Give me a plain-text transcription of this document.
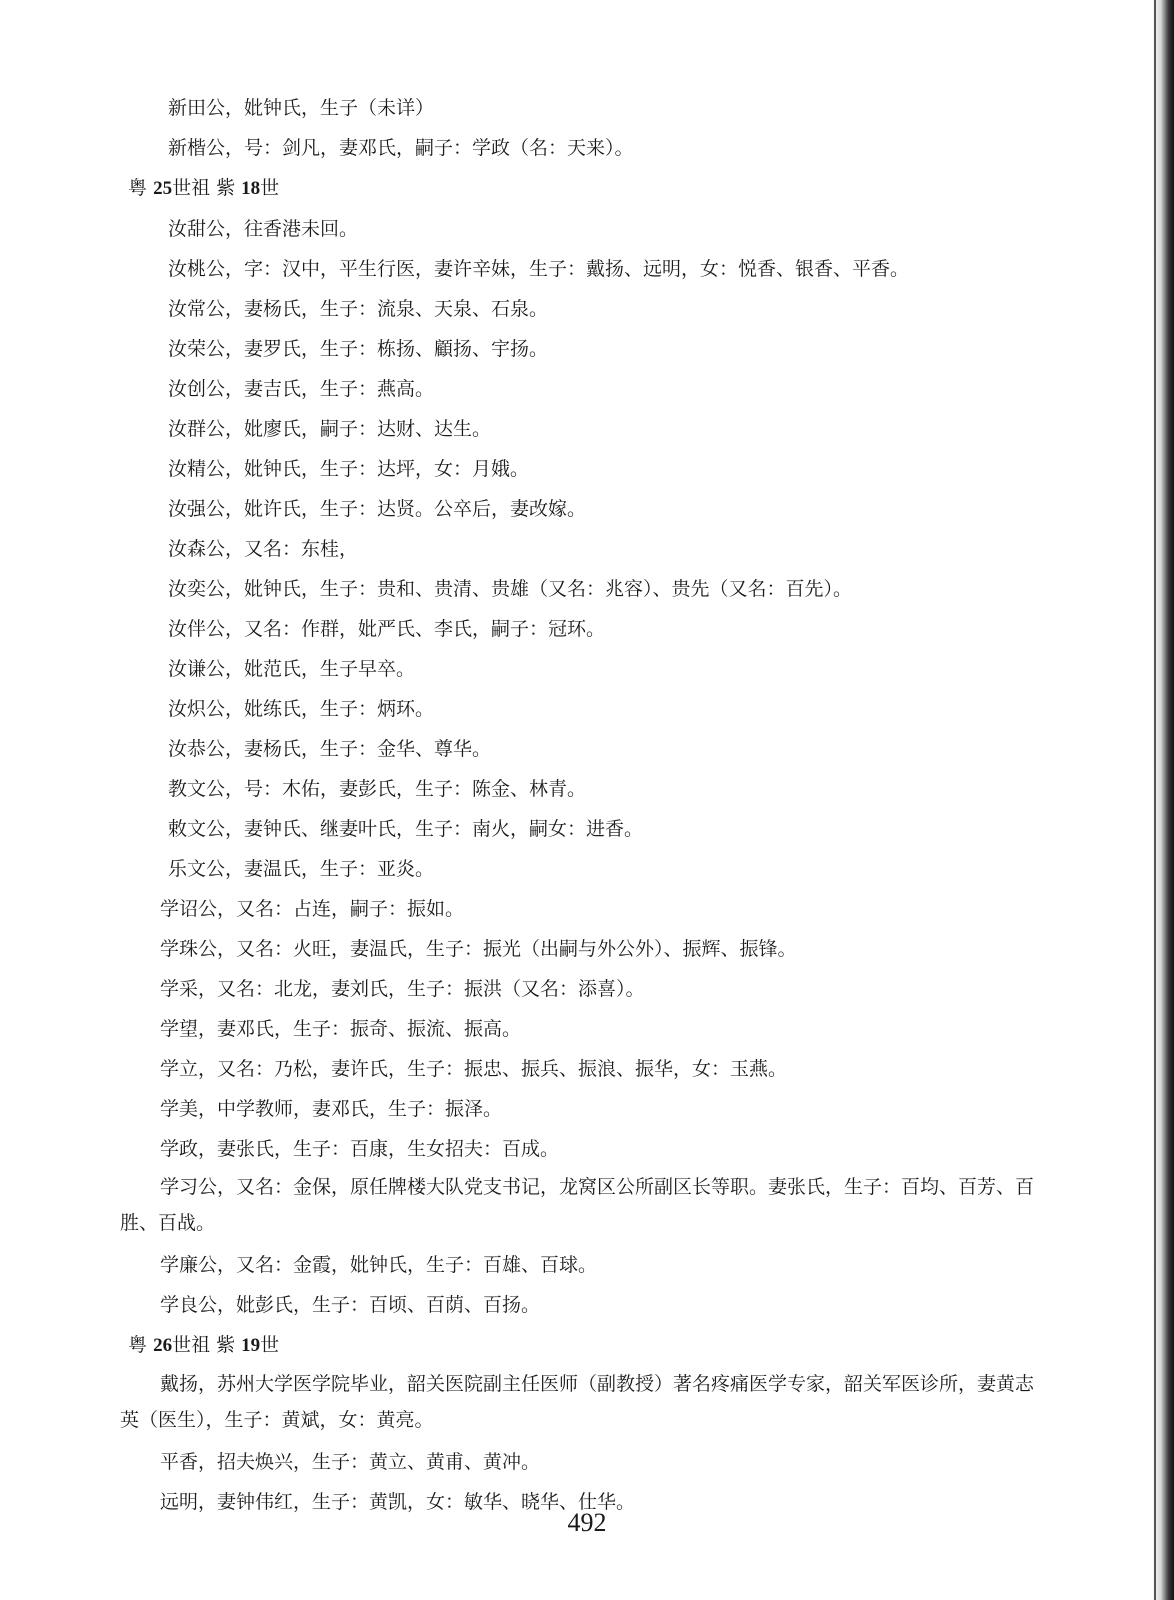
新田公，妣钟氏，生子（未详）

新楷公，号：剑凡，妻邓氏，嗣子：学政（名：天来）。

粤 25世祖 紫 18世

汝甜公，往香港未回。

汝桃公，字：汉中，平生行医，妻许辛妹，生子：戴扬、远明，女：悦香、银香、平香。

汝常公，妻杨氏，生子：流泉、天泉、石泉。

汝荣公，妻罗氏，生子：栋扬、顧扬、宇扬。

汝创公，妻吉氏，生子：燕高。

汝群公，妣廖氏，嗣子：达财、达生。

汝精公，妣钟氏，生子：达坪，女：月娥。

汝强公，妣许氏，生子：达贤。公卒后，妻改嫁。

汝森公，又名：东桂，

汝奕公，妣钟氏，生子：贵和、贵清、贵雄（又名：兆容）、贵先（又名：百先）。

汝伴公，又名：作群，妣严氏、李氏，嗣子：冠环。

汝谦公，妣范氏，生子早卒。

汝炽公，妣练氏，生子：炳环。

汝恭公，妻杨氏，生子：金华、尊华。

教文公，号：木佑，妻彭氏，生子：陈金、林青。

敕文公，妻钟氏、继妻叶氏，生子：南火，嗣女：进香。

乐文公，妻温氏，生子：亚炎。

学诏公，又名：占连，嗣子：振如。

学珠公，又名：火旺，妻温氏，生子：振光（出嗣与外公外）、振辉、振锋。

学采，又名：北龙，妻刘氏，生子：振洪（又名：添喜）。

学望，妻邓氏，生子：振奇、振流、振高。

学立，又名：乃松，妻许氏，生子：振忠、振兵、振浪、振华，女：玉燕。

学美，中学教师，妻邓氏，生子：振泽。

学政，妻张氏，生子：百康，生女招夫：百成。

学习公，又名：金保，原任牌楼大队党支书记，龙窝区公所副区长等职。妻张氏，生子：百均、百芳、百胜、百战。

学廉公，又名：金霞，妣钟氏，生子：百雄、百球。

学良公，妣彭氏，生子：百顷、百荫、百扬。

粤 26世祖 紫 19世

戴扬，苏州大学医学院毕业，韶关医院副主任医师（副教授）著名疼痛医学专家，韶关军医诊所，妻黄志英（医生），生子：黄斌，女：黄亮。

平香，招夫焕兴，生子：黄立、黄甫、黄冲。

远明，妻钟伟红，生子：黄凯，女：敏华、晓华、仕华。

492
